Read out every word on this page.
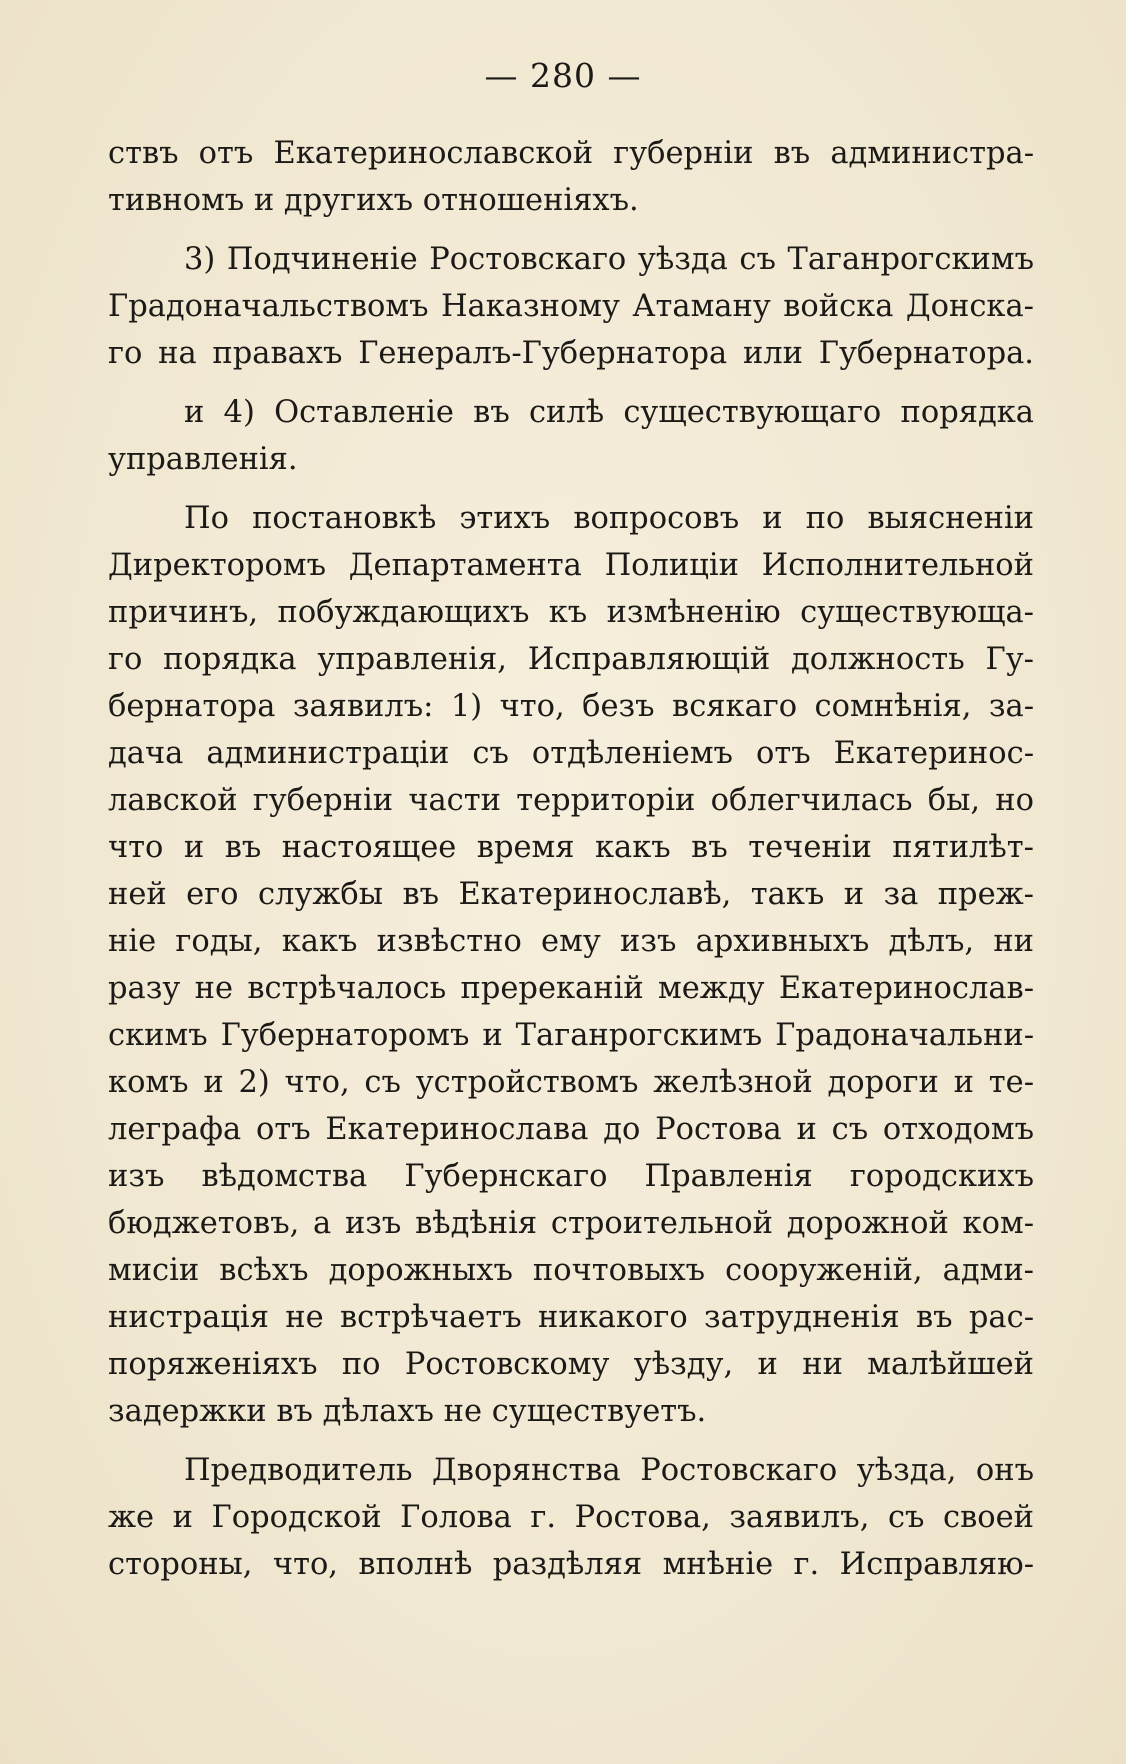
— 280 —
ствъ отъ Екатеринославской губерніи въ администра-
тивномъ и другихъ отношеніяхъ.
3) Подчиненіе Ростовскаго уѣзда съ Таганрогскимъ
Градоначальствомъ Наказному Атаману войска Донска-
го на правахъ Генералъ-Губернатора или Губернатора.
и 4) Оставленіе въ силѣ существующаго порядка
управленія.
По постановкѣ этихъ вопросовъ и по выясненіи
Директоромъ Департамента Полиціи Исполнительной
причинъ, побуждающихъ къ измѣненію существующа-
го порядка управленія, Исправляющій должность Гу-
бернатора заявилъ: 1) что, безъ всякаго сомнѣнія, за-
дача администраціи съ отдѣленіемъ отъ Екатеринос-
лавской губерніи части территоріи облегчилась бы, но
что и въ настоящее время какъ въ теченіи пятилѣт-
ней его службы въ Екатеринославѣ, такъ и за преж-
ніе годы, какъ извѣстно ему изъ архивныхъ дѣлъ, ни
разу не встрѣчалось пререканій между Екатеринослав-
скимъ Губернаторомъ и Таганрогскимъ Градоначальни-
комъ и 2) что, съ устройствомъ желѣзной дороги и те-
леграфа отъ Екатеринослава до Ростова и съ отходомъ
изъ вѣдомства Губернскаго Правленія городскихъ
бюджетовъ, а изъ вѣдѣнія строительной дорожной ком-
мисіи всѣхъ дорожныхъ почтовыхъ сооруженій, адми-
нистрація не встрѣчаетъ никакого затрудненія въ рас-
поряженіяхъ по Ростовскому уѣзду, и ни малѣйшей
задержки въ дѣлахъ не существуетъ.
Предводитель Дворянства Ростовскаго уѣзда, онъ
же и Городской Голова г. Ростова, заявилъ, съ своей
стороны, что, вполнѣ раздѣляя мнѣніе г. Исправляю-
